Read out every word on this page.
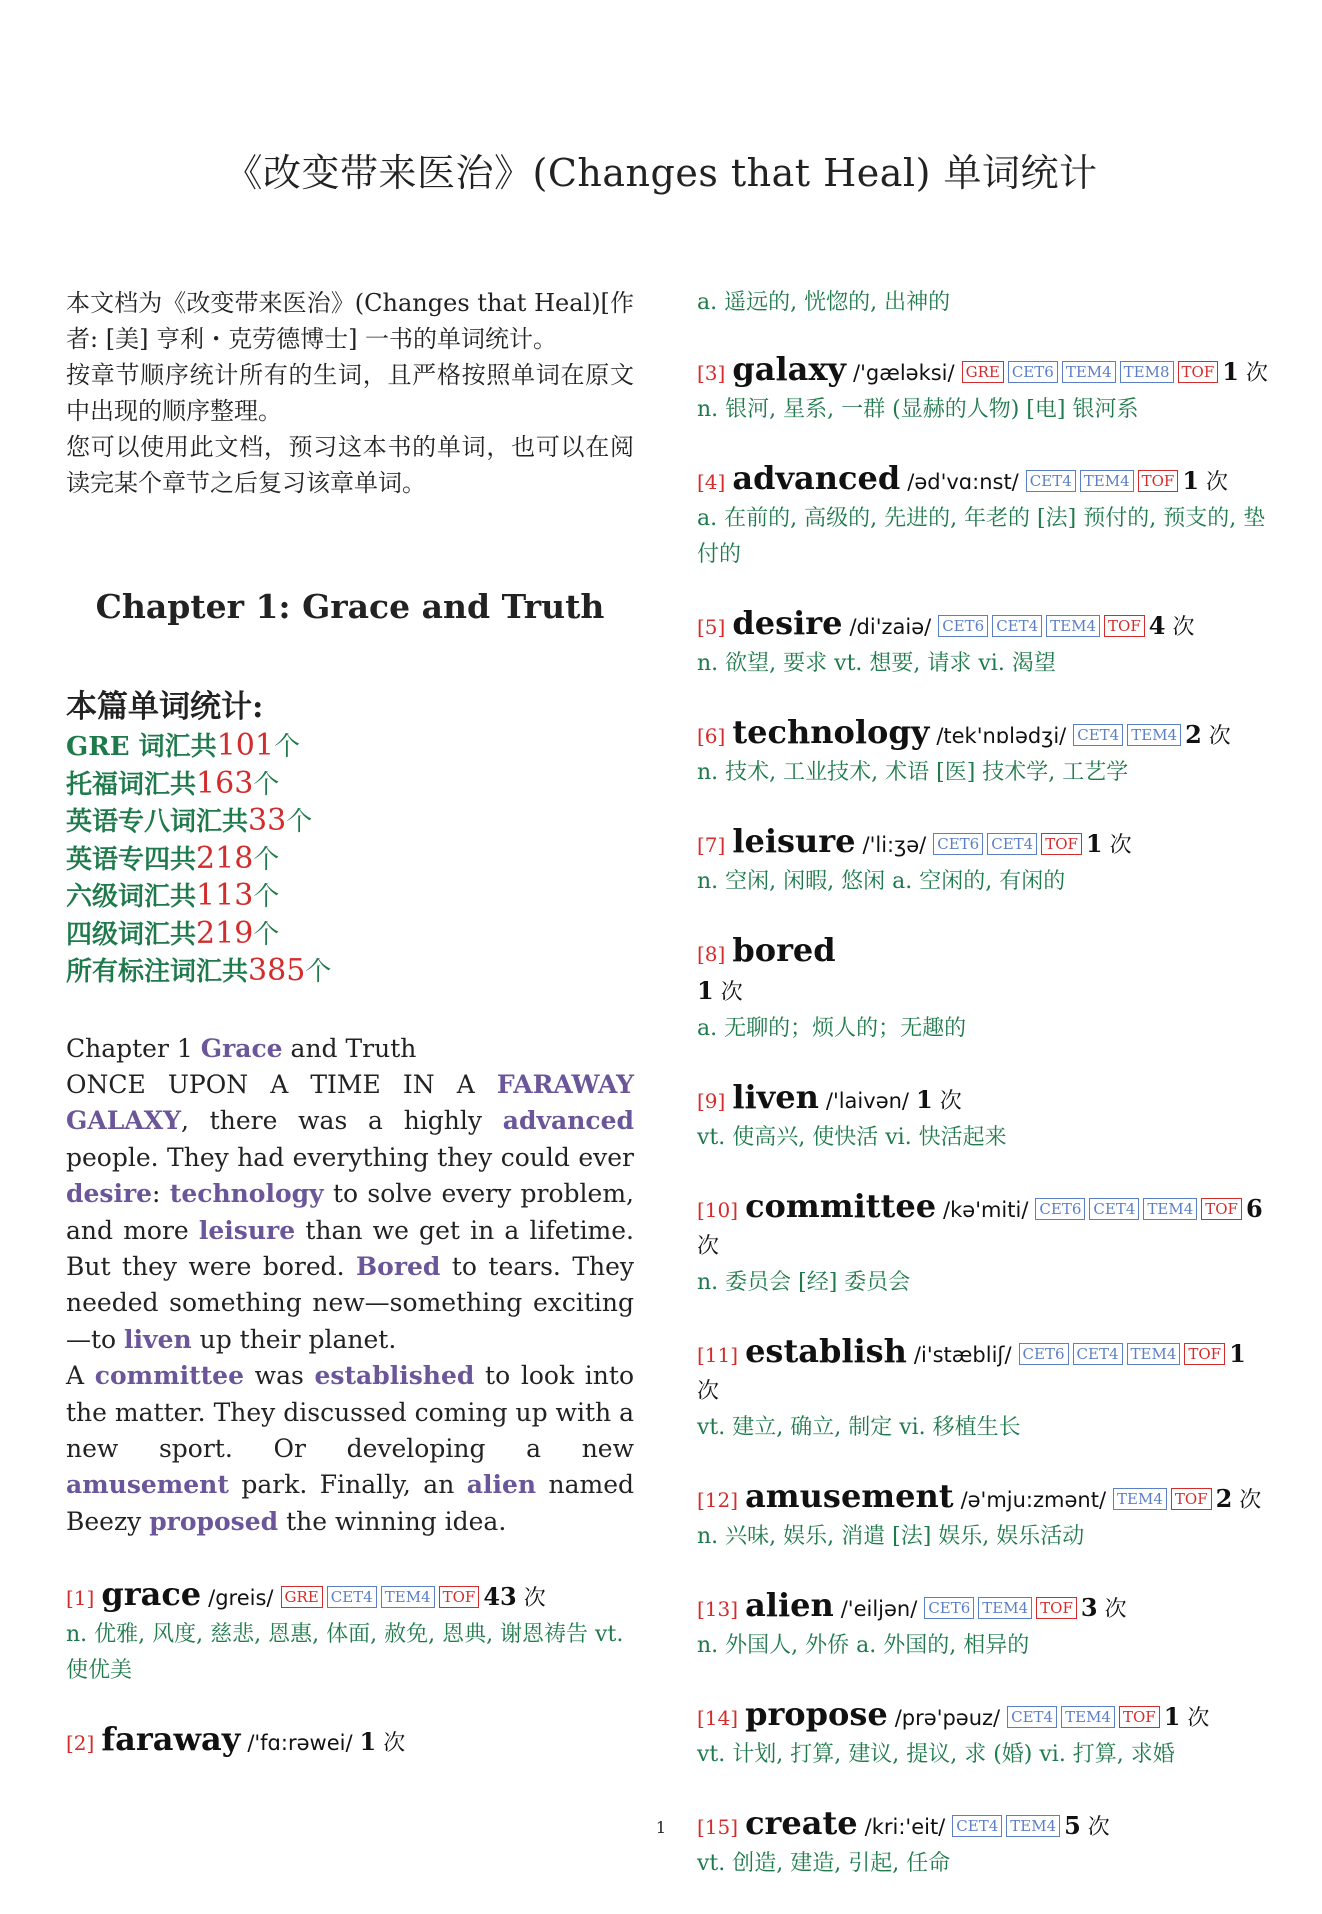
《改变带来医治》(Changes that Heal) 单词统计

本文档为《改变带来医治》(Changes that Heal)[作者: [美] 亨利・克劳德博士] 一书的单词统计。

按章节顺序统计所有的生词，且严格按照单词在原文中出现的顺序整理。

您可以使用此文档，预习这本书的单词，也可以在阅读完某个章节之后复习该章单词。

Chapter 1: Grace and Truth
本篇单词统计:
GRE 词汇共101个
托福词汇共163个
英语专八词汇共33个
英语专四共218个
六级词汇共113个
四级词汇共219个
所有标注词汇共385个

Chapter 1 Grace and Truth

ONCE UPON A TIME IN A FARAWAY GALAXY, there was a highly advanced people. They had everything they could ever desire: technology to solve every problem, and more leisure than we get in a lifetime. But they were bored. Bored to tears. They needed something new—something exciting—to liven up their planet.

A committee was established to look into the matter. They discussed coming up with a new sport. Or developing a new amusement park. Finally, an alien named Beezy proposed the winning idea.

[1] grace /greis/ GRE CET4 TEM4 TOF 43 次
n. 优雅, 风度, 慈悲, 恩惠, 体面, 赦免, 恩典, 谢恩祷告 vt. 使优美
[2] faraway /'fɑ:rəwei/ 1 次
a. 遥远的, 恍惚的, 出神的
[3] galaxy /'gæləksi/ GRE CET6 TEM4 TEM8 TOF 1 次
n. 银河, 星系, 一群 (显赫的人物) [电] 银河系
[4] advanced /əd'vɑ:nst/ CET4 TEM4 TOF 1 次
a. 在前的, 高级的, 先进的, 年老的 [法] 预付的, 预支的, 垫付的
[5] desire /di'zaiə/ CET6 CET4 TEM4 TOF 4 次
n. 欲望, 要求 vt. 想要, 请求 vi. 渴望
[6] technology /tek'nɒlədʒi/ CET4 TEM4 2 次
n. 技术, 工业技术, 术语 [医] 技术学, 工艺学
[7] leisure /'li:ʒə/ CET6 CET4 TOF 1 次
n. 空闲, 闲暇, 悠闲 a. 空闲的, 有闲的
[8] bored
1 次
a. 无聊的；烦人的；无趣的
[9] liven /'laivən/ 1 次
vt. 使高兴, 使快活 vi. 快活起来
[10] committee /kə'miti/ CET6 CET4 TEM4 TOF 6 次
n. 委员会 [经] 委员会
[11] establish /i'stæbliʃ/ CET6 CET4 TEM4 TOF 1 次
vt. 建立, 确立, 制定 vi. 移植生长
[12] amusement /ə'mju:zmənt/ TEM4 TOF 2 次
n. 兴味, 娱乐, 消遣 [法] 娱乐, 娱乐活动
[13] alien /'eiljən/ CET6 TEM4 TOF 3 次
n. 外国人, 外侨 a. 外国的, 相异的
[14] propose /prə'pəuz/ CET4 TEM4 TOF 1 次
vt. 计划, 打算, 建议, 提议, 求 (婚) vi. 打算, 求婚
[15] create /kri:'eit/ CET4 TEM4 5 次
vt. 创造, 建造, 引起, 任命
1
